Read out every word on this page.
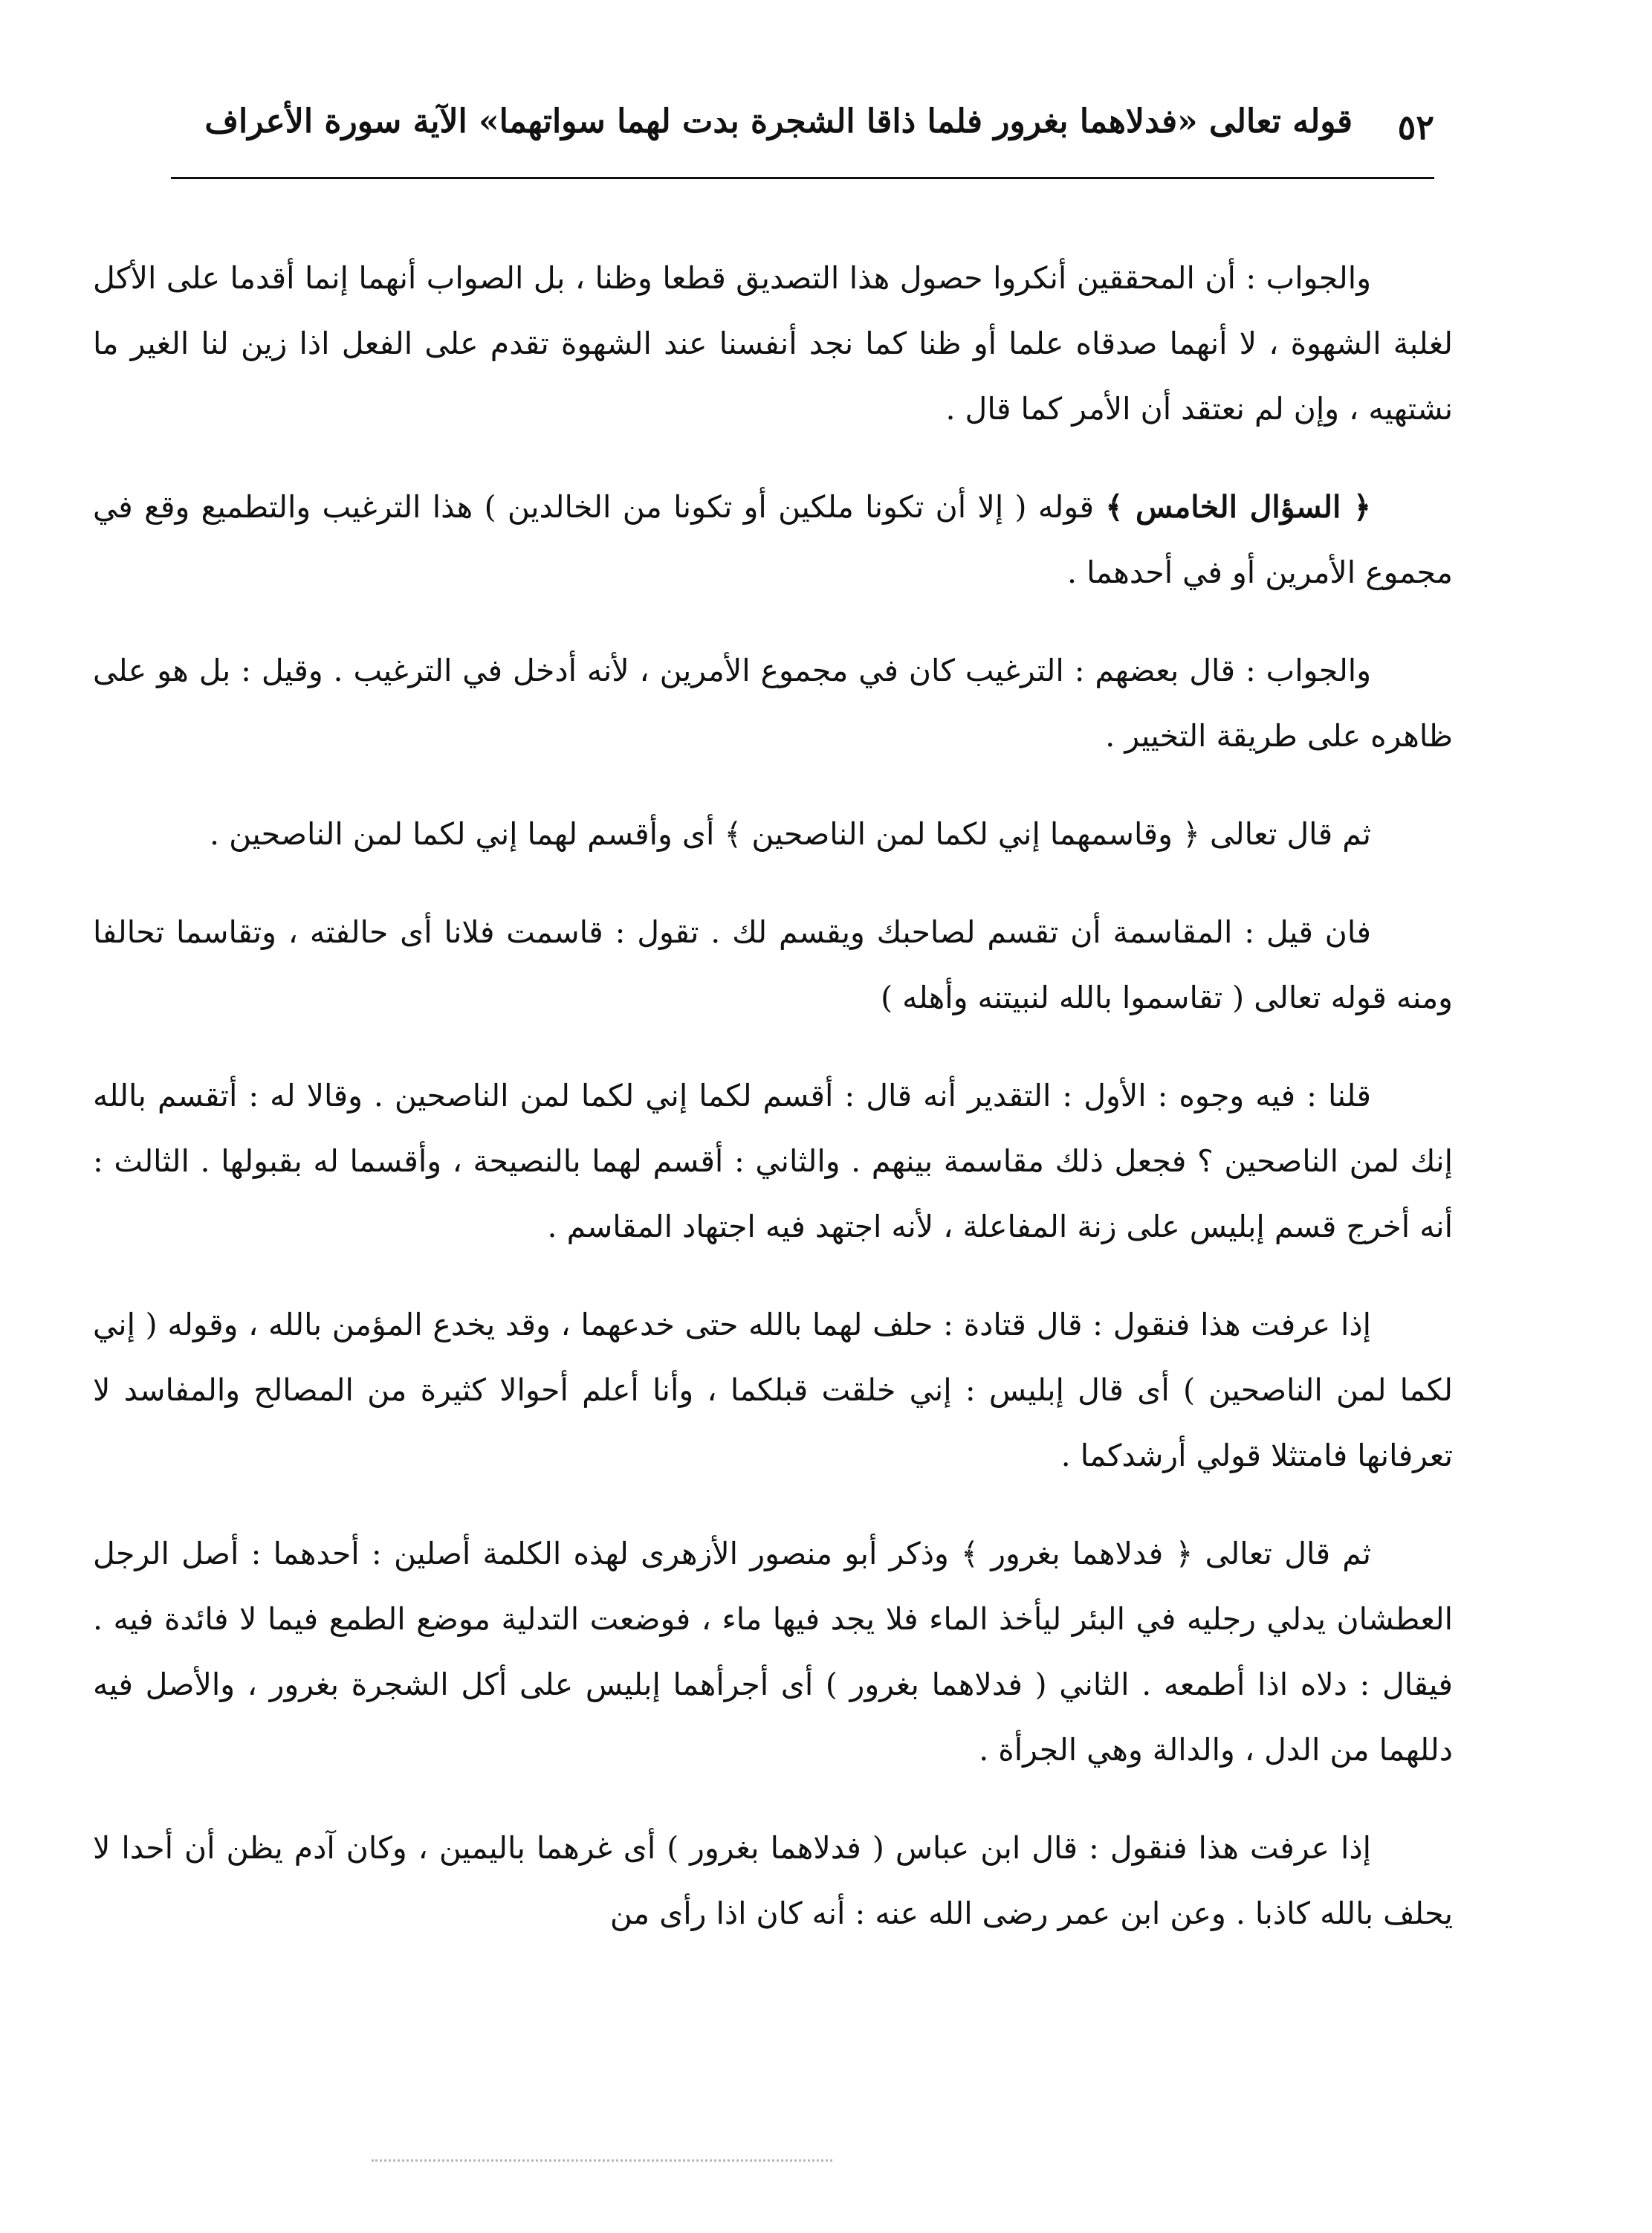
٥٢
قوله تعالى «فدلاهما بغرور فلما ذاقا الشجرة بدت لهما سواتهما» الآية سورة الأعراف

والجواب : أن المحققين أنكروا حصول هذا التصديق قطعا وظنا ، بل الصواب أنهما إنما أقدما على الأكل لغلبة الشهوة ، لا أنهما صدقاه علما أو ظنا كما نجد أنفسنا عند الشهوة تقدم على الفعل اذا زين لنا الغير ما نشتهيه ، وإن لم نعتقد أن الأمر كما قال .

﴿ السؤال الخامس ﴾ قوله ( إلا أن تكونا ملكين أو تكونا من الخالدين ) هذا الترغيب والتطميع وقع في مجموع الأمرين أو في أحدهما .

والجواب : قال بعضهم : الترغيب كان في مجموع الأمرين ، لأنه أدخل في الترغيب . وقيل : بل هو على ظاهره على طريقة التخيير .

ثم قال تعالى ﴿ وقاسمهما إني لكما لمن الناصحين ﴾ أى وأقسم لهما إني لكما لمن الناصحين .

فان قيل : المقاسمة أن تقسم لصاحبك ويقسم لك . تقول : قاسمت فلانا أى حالفته ، وتقاسما تحالفا ومنه قوله تعالى ( تقاسموا بالله لنبيتنه وأهله )

قلنا : فيه وجوه : الأول : التقدير أنه قال : أقسم لكما إني لكما لمن الناصحين . وقالا له : أتقسم بالله إنك لمن الناصحين ؟ فجعل ذلك مقاسمة بينهم . والثاني : أقسم لهما بالنصيحة ، وأقسما له بقبولها . الثالث : أنه أخرج قسم إبليس على زنة المفاعلة ، لأنه اجتهد فيه اجتهاد المقاسم .

إذا عرفت هذا فنقول : قال قتادة : حلف لهما بالله حتى خدعهما ، وقد يخدع المؤمن بالله ، وقوله ( إني لكما لمن الناصحين ) أى قال إبليس : إني خلقت قبلكما ، وأنا أعلم أحوالا كثيرة من المصالح والمفاسد لا تعرفانها فامتثلا قولي أرشدكما .

ثم قال تعالى ﴿ فدلاهما بغرور ﴾ وذكر أبو منصور الأزهرى لهذه الكلمة أصلين : أحدهما : أصل الرجل العطشان يدلي رجليه في البئر ليأخذ الماء فلا يجد فيها ماء ، فوضعت التدلية موضع الطمع فيما لا فائدة فيه . فيقال : دلاه اذا أطمعه . الثاني ( فدلاهما بغرور ) أى أجرأهما إبليس على أكل الشجرة بغرور ، والأصل فيه دللهما من الدل ، والدالة وهي الجرأة .

إذا عرفت هذا فنقول : قال ابن عباس ( فدلاهما بغرور ) أى غرهما باليمين ، وكان آدم يظن أن أحدا لا يحلف بالله كاذبا . وعن ابن عمر رضى الله عنه : أنه كان اذا رأى من
